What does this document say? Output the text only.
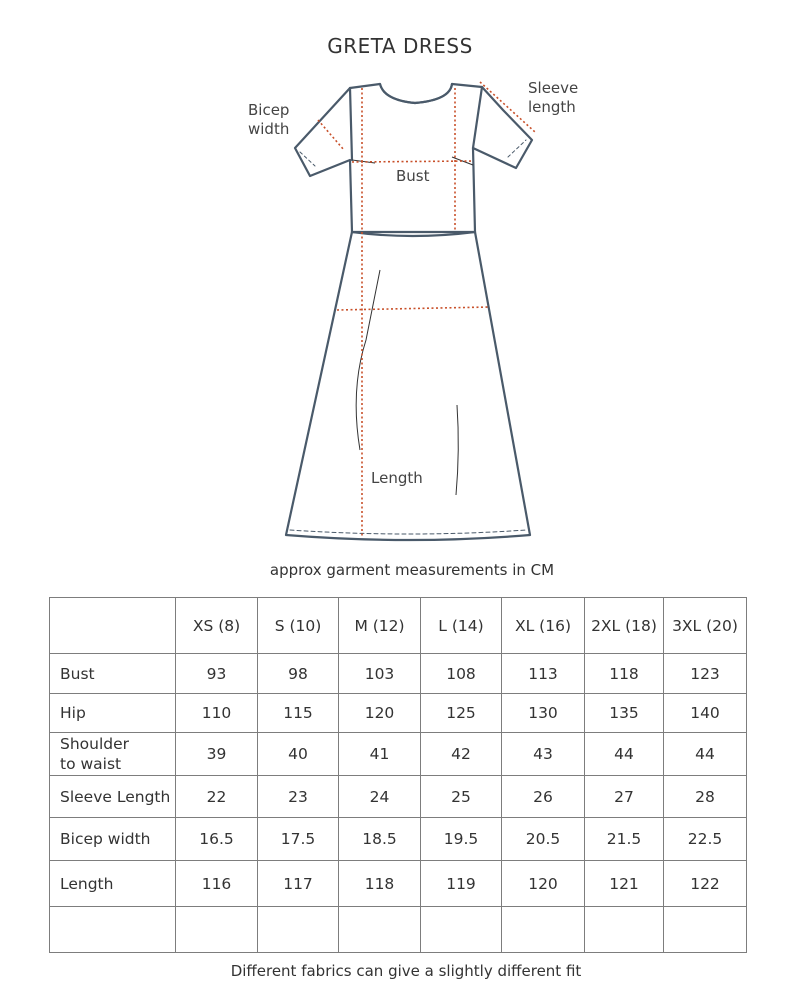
GRETA DRESS
Bicep
width
Sleeve
length
Bust
Length
approx garment measurements in CM
	XS (8)	S (10)	M (12)	L (14)	XL (16)	2XL (18)	3XL (20)
Bust	93	98	103	108	113	118	123
Hip	110	115	120	125	130	135	140
Shoulder
to waist	39	40	41	42	43	44	44
Sleeve Length	22	23	24	25	26	27	28
Bicep width	16.5	17.5	18.5	19.5	20.5	21.5	22.5
Length	116	117	118	119	120	121	122

Different fabrics can give a slightly different fit
